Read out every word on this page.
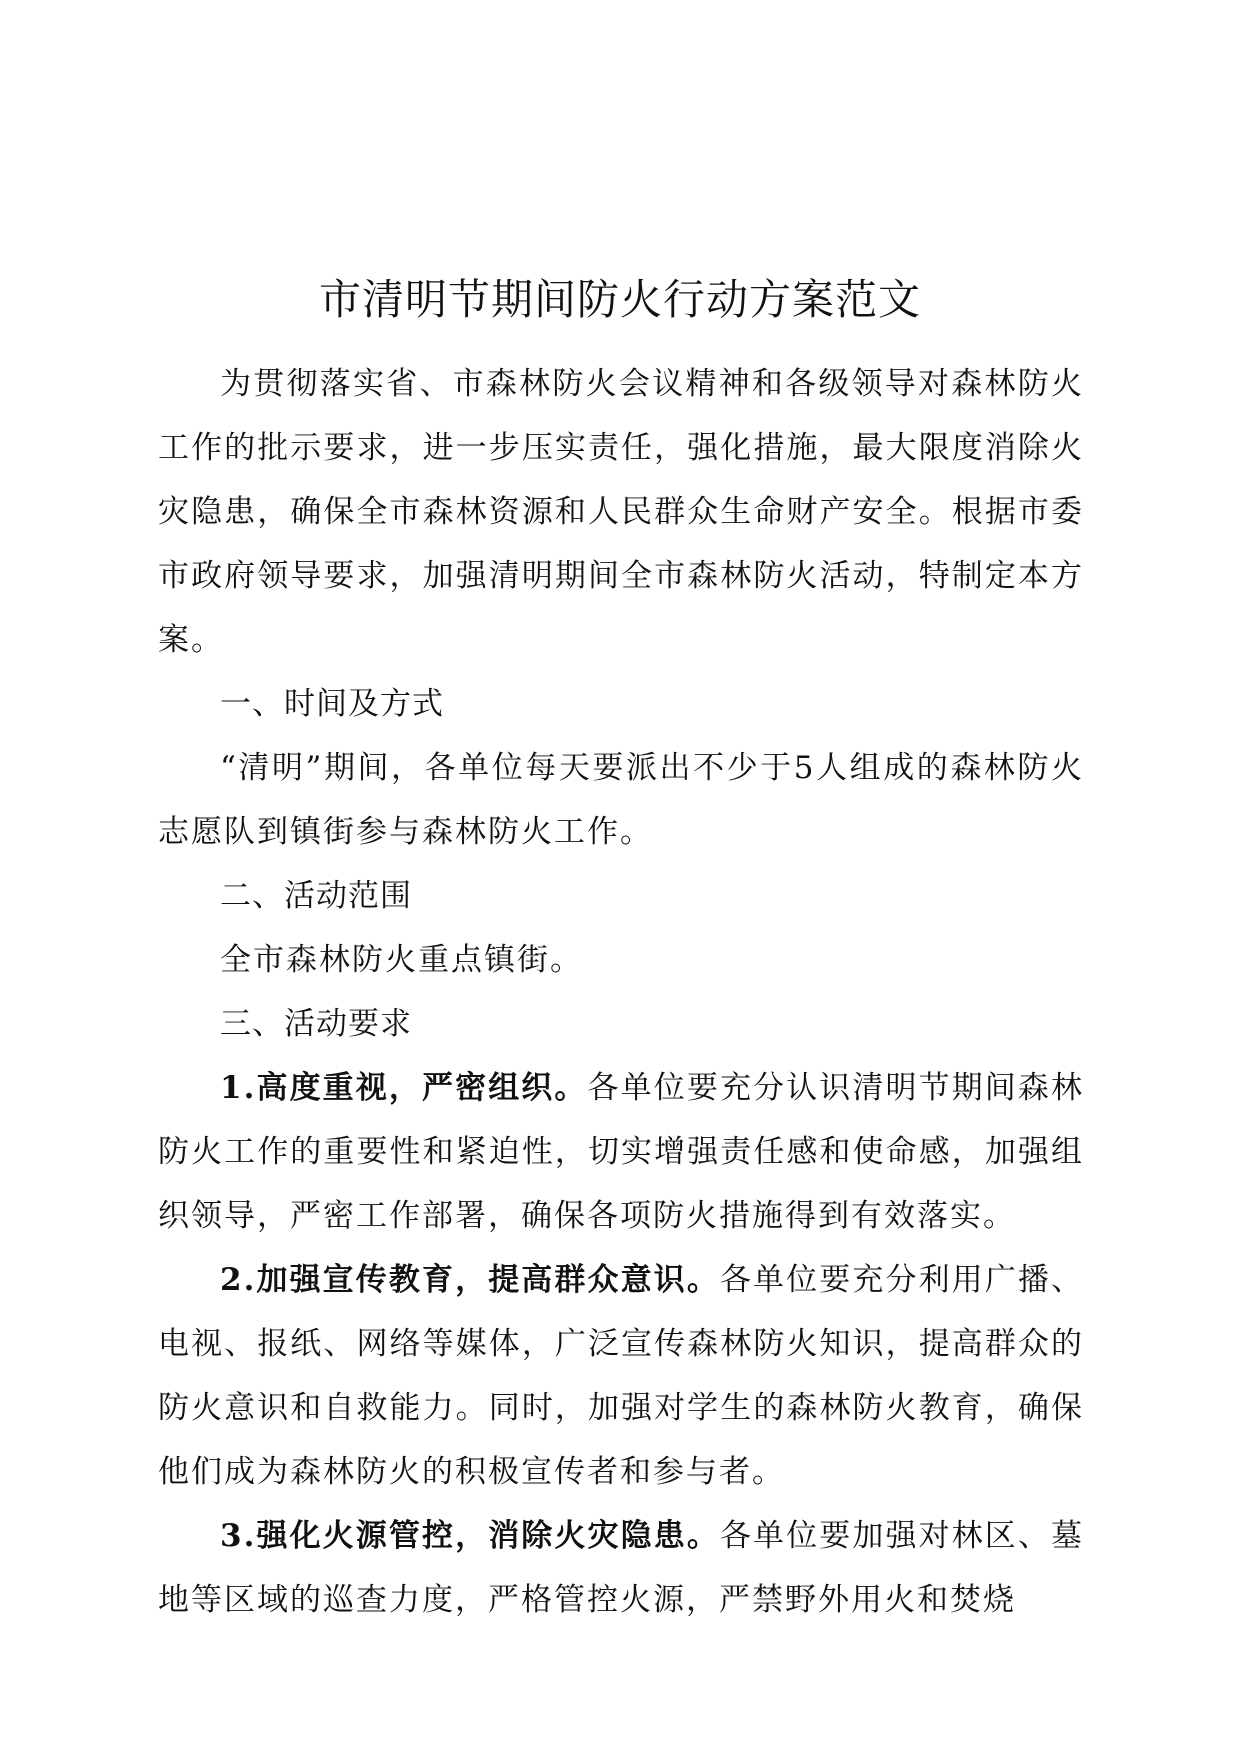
市清明节期间防火行动方案范文

为贯彻落实省、市森林防火会议精神和各级领导对森林防火工作的批示要求，进一步压实责任，强化措施，最大限度消除火灾隐患，确保全市森林资源和人民群众生命财产安全。根据市委市政府领导要求，加强清明期间全市森林防火活动，特制定本方案。

一、时间及方式

“清明”期间，各单位每天要派出不少于5人组成的森林防火志愿队到镇街参与森林防火工作。

二、活动范围

全市森林防火重点镇街。

三、活动要求

1.高度重视，严密组织。各单位要充分认识清明节期间森林防火工作的重要性和紧迫性，切实增强责任感和使命感，加强组织领导，严密工作部署，确保各项防火措施得到有效落实。

2.加强宣传教育，提高群众意识。各单位要充分利用广播、电视、报纸、网络等媒体，广泛宣传森林防火知识，提高群众的防火意识和自救能力。同时，加强对学生的森林防火教育，确保他们成为森林防火的积极宣传者和参与者。

3.强化火源管控，消除火灾隐患。各单位要加强对林区、墓地等区域的巡查力度，严格管控火源，严禁野外用火和焚烧
